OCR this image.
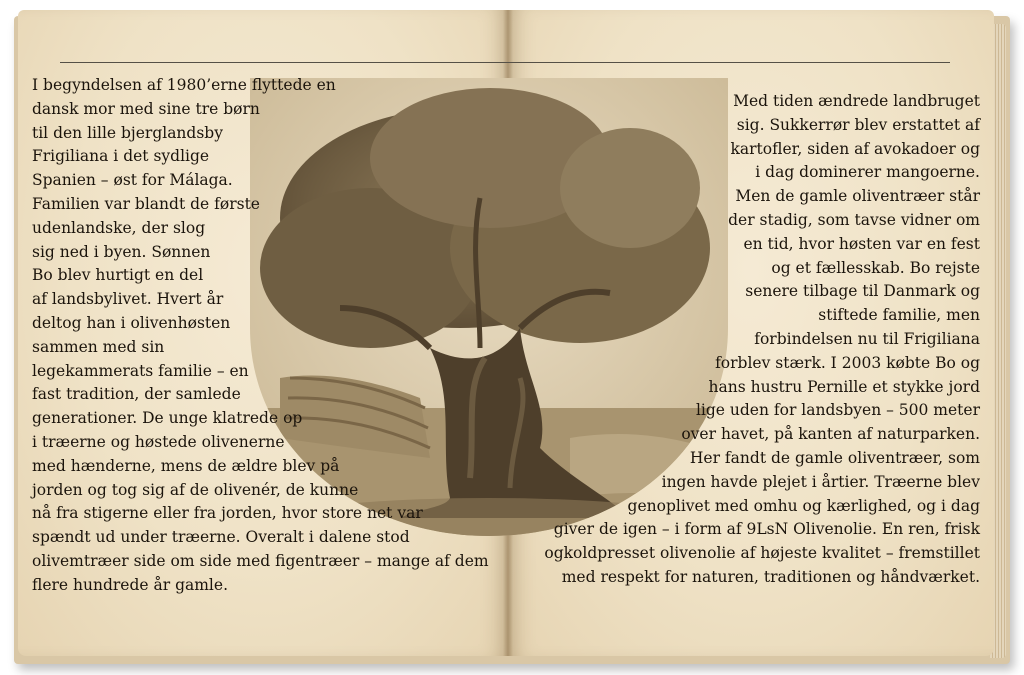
I begyndelsen af 1980’erne flyttede en
dansk mor med sine tre børn
til den lille bjerglandsby
Frigiliana i det sydlige
Spanien – øst for Málaga.
Familien var blandt de første
udenlandske, der slog
sig ned i byen. Sønnen
Bo blev hurtigt en del
af landsbylivet. Hvert år
deltog han i olivenhøsten
sammen med sin
legekammerats familie – en
fast tradition, der samlede
generationer. De unge klatrede op
i træerne og høstede olivenerne
med hænderne, mens de ældre blev på
jorden og tog sig af de olivenér, de kunne
nå fra stigerne eller fra jorden, hvor store net var
spændt ud under træerne. Overalt i dalene stod
olivemtræer side om side med figentræer – mange af dem
flere hundrede år gamle.
Med tiden ændrede landbruget
sig. Sukkerrør blev erstattet af
kartofler, siden af avokadoer og
i dag dominerer mangoerne.
Men de gamle oliventræer står
der stadig, som tavse vidner om
en tid, hvor høsten var en fest
og et fællesskab. Bo rejste
senere tilbage til Danmark og
stiftede familie, men
forbindelsen nu til Frigiliana
forblev stærk. I 2003 købte Bo og
hans hustru Pernille et stykke jord
lige uden for landsbyen – 500 meter
over havet, på kanten af naturparken.
Her fandt de gamle oliventræer, som
ingen havde plejet i årtier. Træerne blev
genoplivet med omhu og kærlighed, og i dag
giver de igen – i form af 9LsN Olivenolie. En ren, frisk
ogkoldpresset olivenolie af højeste kvalitet – fremstillet
med respekt for naturen, traditionen og håndværket.
